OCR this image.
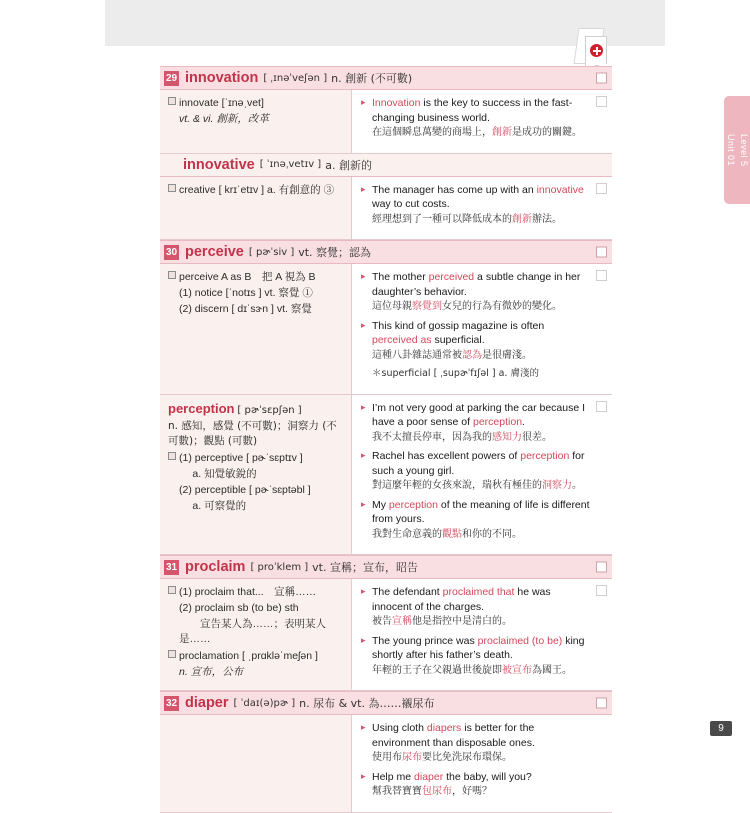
Level 5
Unit 01
29 innovation [ ˌɪnəˈveʃən ] n. 創新 (不可數)
innovate [ˈɪnəˌvet]
vt. & vi. 創新，改革
▸ Innovation is the key to success in the fast-changing business world.
在這個瞬息萬變的商場上，創新是成功的關鍵。
innovative [ ˈɪnəˌvetɪv ] a. 創新的
creative [ krɪˈetɪv ] a. 有創意的 ③	▸ The manager has come up with an innovative way to cut costs.
經理想到了一種可以降低成本的創新辦法。
30 perceive [ pɚˈsiv ] vt. 察覺；認為
perceive A as B　把 A 視為 B
(1) notice [ˈnotɪs ] vt. 察覺 ①
(2) discern [ dɪˈsɝn ] vt. 察覺
▸ The mother perceived a subtle change in her daughter’s behavior.
這位母親察覺到女兒的行為有微妙的變化。
▸ This kind of gossip magazine is often perceived as superficial.
這種八卦雜誌通常被認為是很膚淺。
＊superficial [ ˌsupɚˈfɪʃəl ] a. 膚淺的
perception [ pɚˈsɛpʃən ]
n. 感知，感覺 (不可數)；洞察力 (不可數)；觀點 (可數)
(1) perceptive [ pɚˈsɛptɪv ]
　 a. 知覺敏銳的
(2) perceptible [ pɚˈsɛptəbl ]
　 a. 可察覺的
▸ I’m not very good at parking the car because I have a poor sense of perception.
我不太擅長停車，因為我的感知力很差。
▸ Rachel has excellent powers of perception for such a young girl.
對這麼年輕的女孩來說，瑞秋有極佳的洞察力。
▸ My perception of the meaning of life is different from yours.
我對生命意義的觀點和你的不同。
31 proclaim [ proˈklem ] vt. 宣稱；宣布，昭告
(1) proclaim that...　宣稱……
(2) proclaim sb (to be) sth
　　宣告某人為……；表明某人是……
proclamation [ ˌprɑkləˈmeʃən ]
n. 宣布，公布
▸ The defendant proclaimed that he was innocent of the charges.
被告宣稱他是指控中是清白的。
▸ The young prince was proclaimed (to be) king shortly after his father’s death.
年輕的王子在父親過世後旋即被宣布為國王。
32 diaper [ ˈdaɪ(ə)pɚ ] n. 尿布 & vt. 為……襯尿布
▸ Using cloth diapers is better for the environment than disposable ones.
使用布尿布要比免洗尿布環保。
▸ Help me diaper the baby, will you?
幫我替寶寶包尿布，好嗎？
9
